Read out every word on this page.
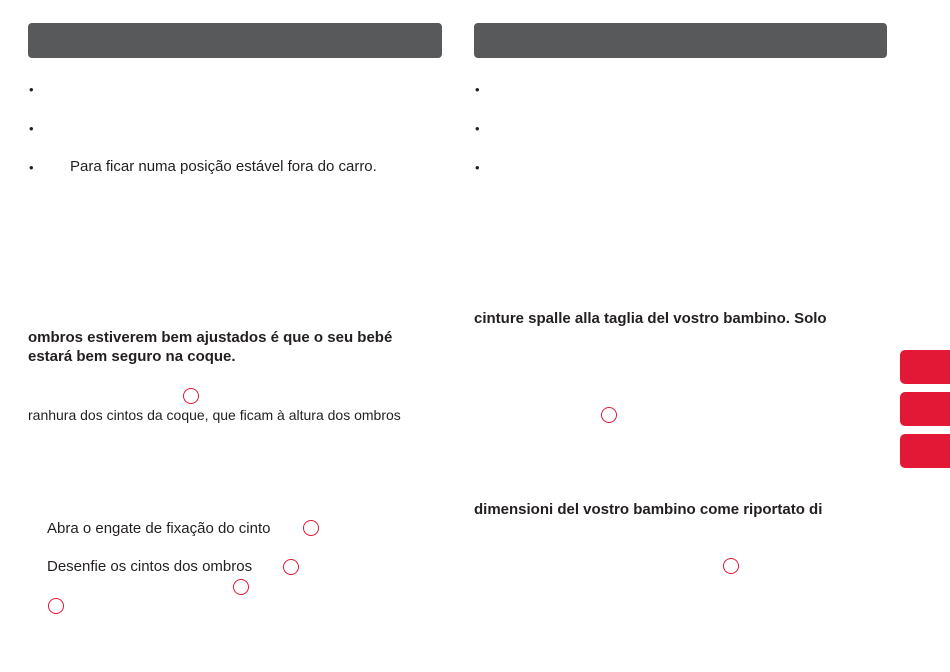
•
•
• Para ficar numa posição estável fora do carro.
ombros estiverem bem ajustados é que o seu bebé
estará bem seguro na coque.
ranhura dos cintos da coque, que ficam à altura dos ombros
Abra o engate de fixação do cinto
Desenfie os cintos dos ombros
•
•
•
cinture spalle alla taglia del vostro bambino. Solo
dimensioni del vostro bambino come riportato di
